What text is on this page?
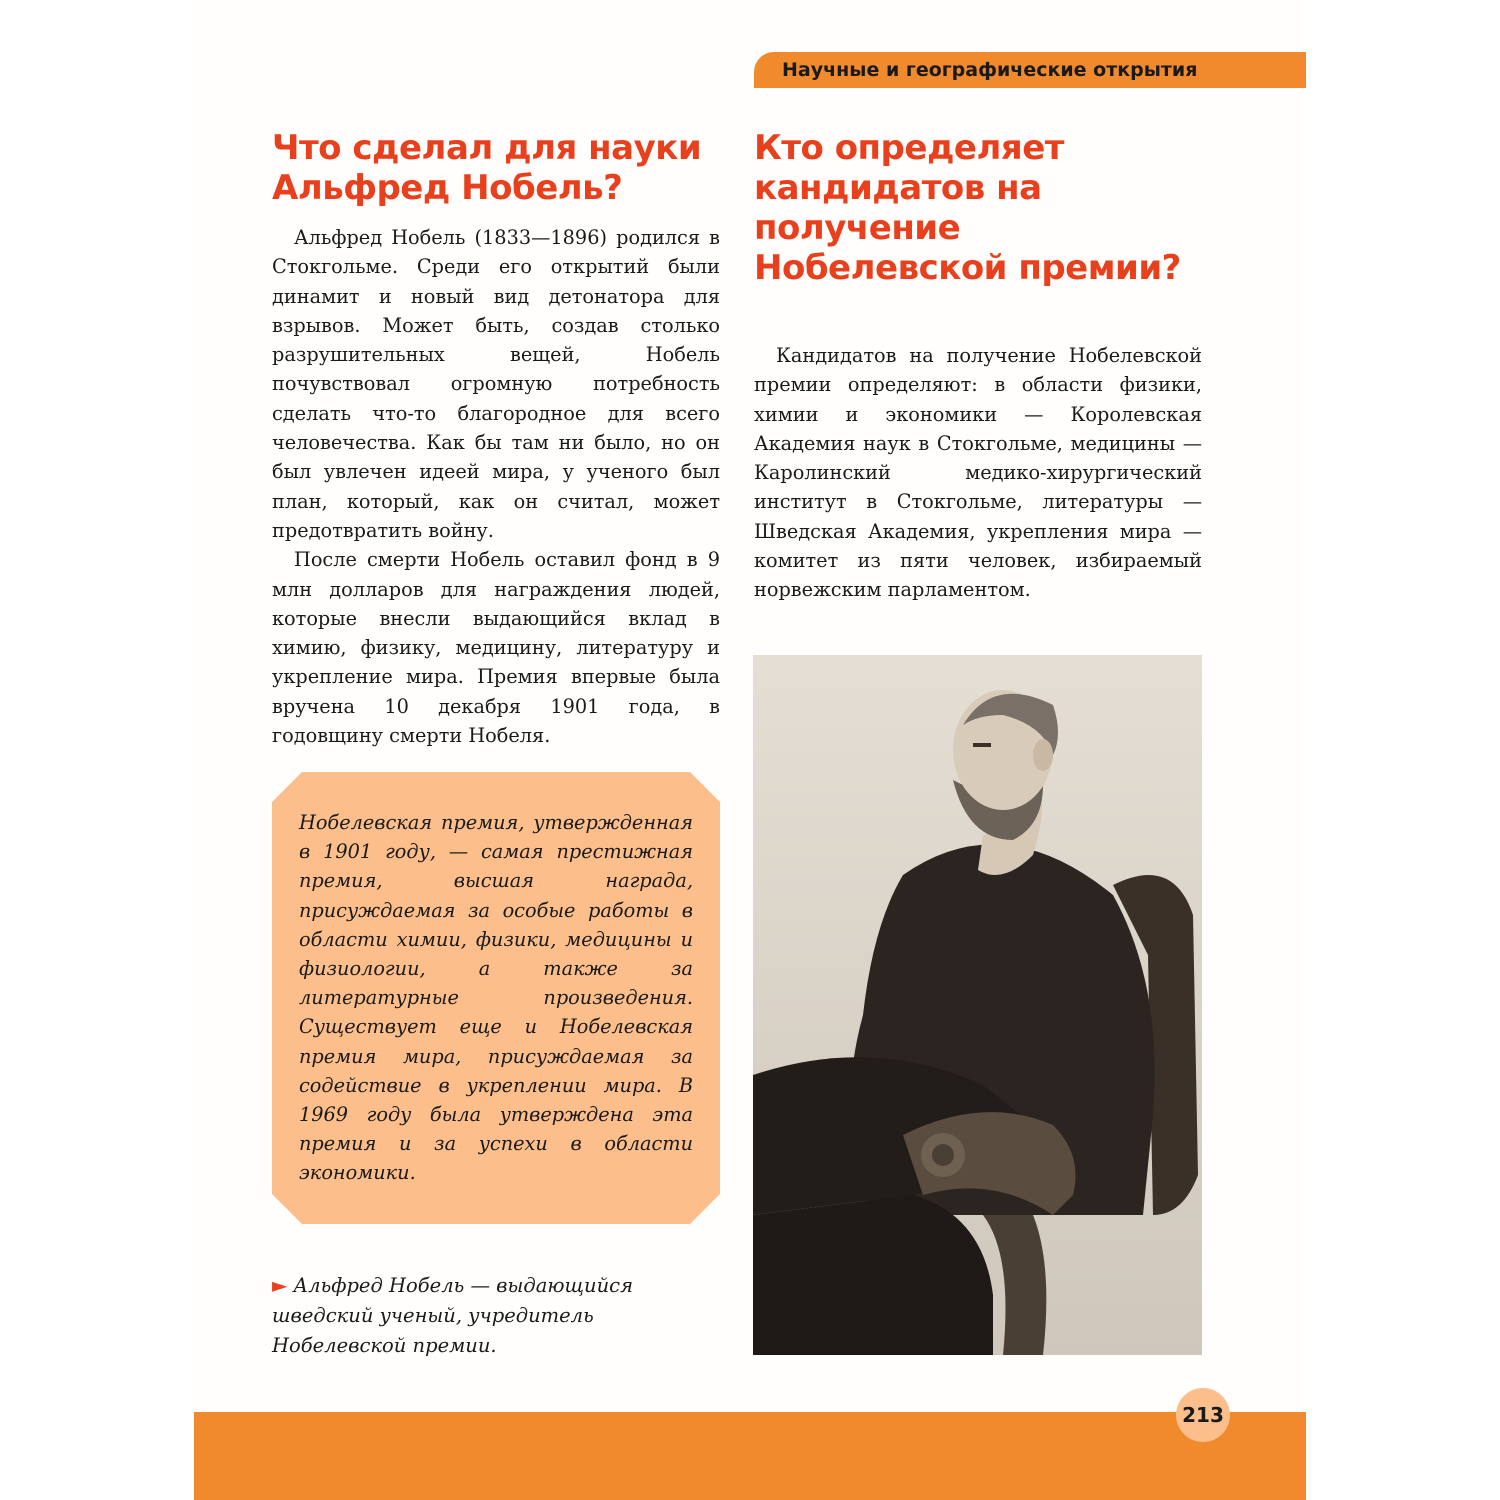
Научные и географические открытия
Что сделал для науки Альфред Нобель?

Альфред Нобель (1833—1896) родился в Стокгольме. Среди его открытий были динамит и новый вид детонатора для взрывов. Может быть, создав столько разрушительных вещей, Нобель почувствовал огромную потребность сделать что-то благородное для всего человечества. Как бы там ни было, но он был увлечен идеей мира, у ученого был план, который, как он считал, может предотвратить войну.

После смерти Нобель оставил фонд в 9 млн долларов для награждения людей, которые внесли выдающийся вклад в химию, физику, медицину, литературу и укрепление мира. Премия впервые была вручена 10 декабря 1901 года, в годовщину смерти Нобеля.

Нобелевская премия, утвержденная в 1901 году, — самая престижная премия, высшая награда, присуждаемая за особые работы в области химии, физики, медицины и физиологии, а также за литературные произведения. Существует еще и Нобелевская премия мира, присуждаемая за содействие в укреплении мира. В 1969 году была утверждена эта премия и за успехи в области экономики.

► Альфред Нобель — выдающийся шведский ученый, учредитель Нобелевской премии.

Кто определяет кандидатов на получение Нобелевской премии?

Кандидатов на получение Нобелевской премии определяют: в области физики, химии и экономики — Королевская Академия наук в Стокгольме, медицины — Каролинский медико-хирургический институт в Стокгольме, литературы — Шведская Академия, укрепления мира — комитет из пяти человек, избираемый норвежским парламентом.

213
